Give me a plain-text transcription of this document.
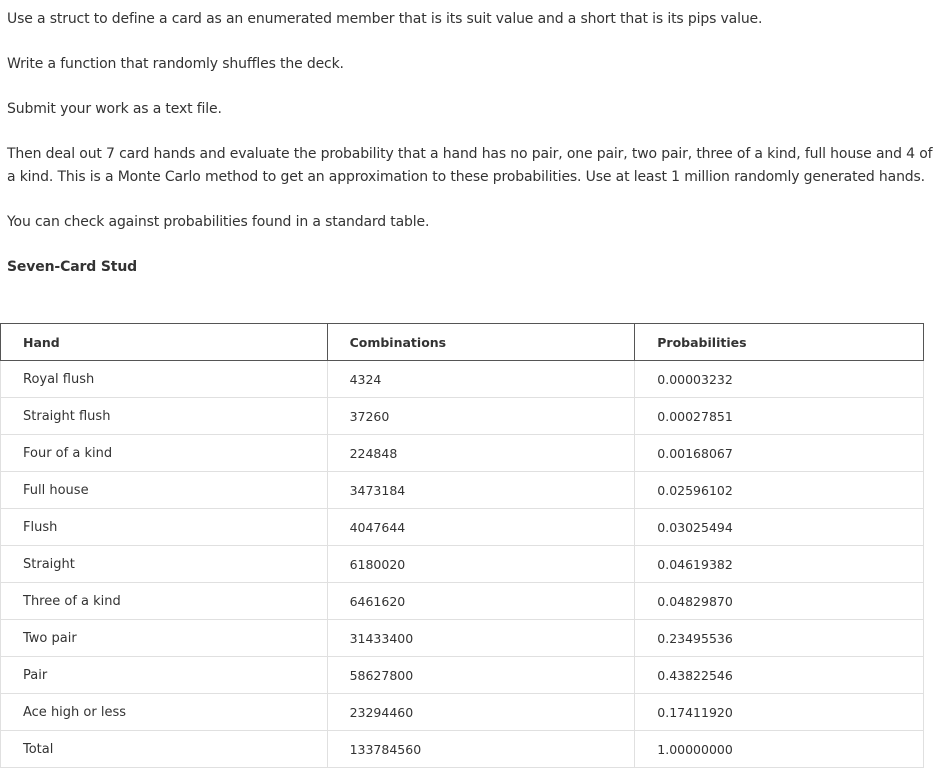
Use a struct to define a card as an enumerated member that is its suit value and a short that is its pips value.

Write a function that randomly shuffles the deck.

Submit your work as a text file.

Then deal out 7 card hands and evaluate the probability that a hand has no pair, one pair, two pair, three of a kind, full house and 4 of a kind. This is a Monte Carlo method to get an approximation to these probabilities. Use at least 1 million randomly generated hands.

You can check against probabilities found in a standard table.

Seven-Card Stud
Hand	Combinations	Probabilities
Royal flush	4324	0.00003232
Straight flush	37260	0.00027851
Four of a kind	224848	0.00168067
Full house	3473184	0.02596102
Flush	4047644	0.03025494
Straight	6180020	0.04619382
Three of a kind	6461620	0.04829870
Two pair	31433400	0.23495536
Pair	58627800	0.43822546
Ace high or less	23294460	0.17411920
Total	133784560	1.00000000
